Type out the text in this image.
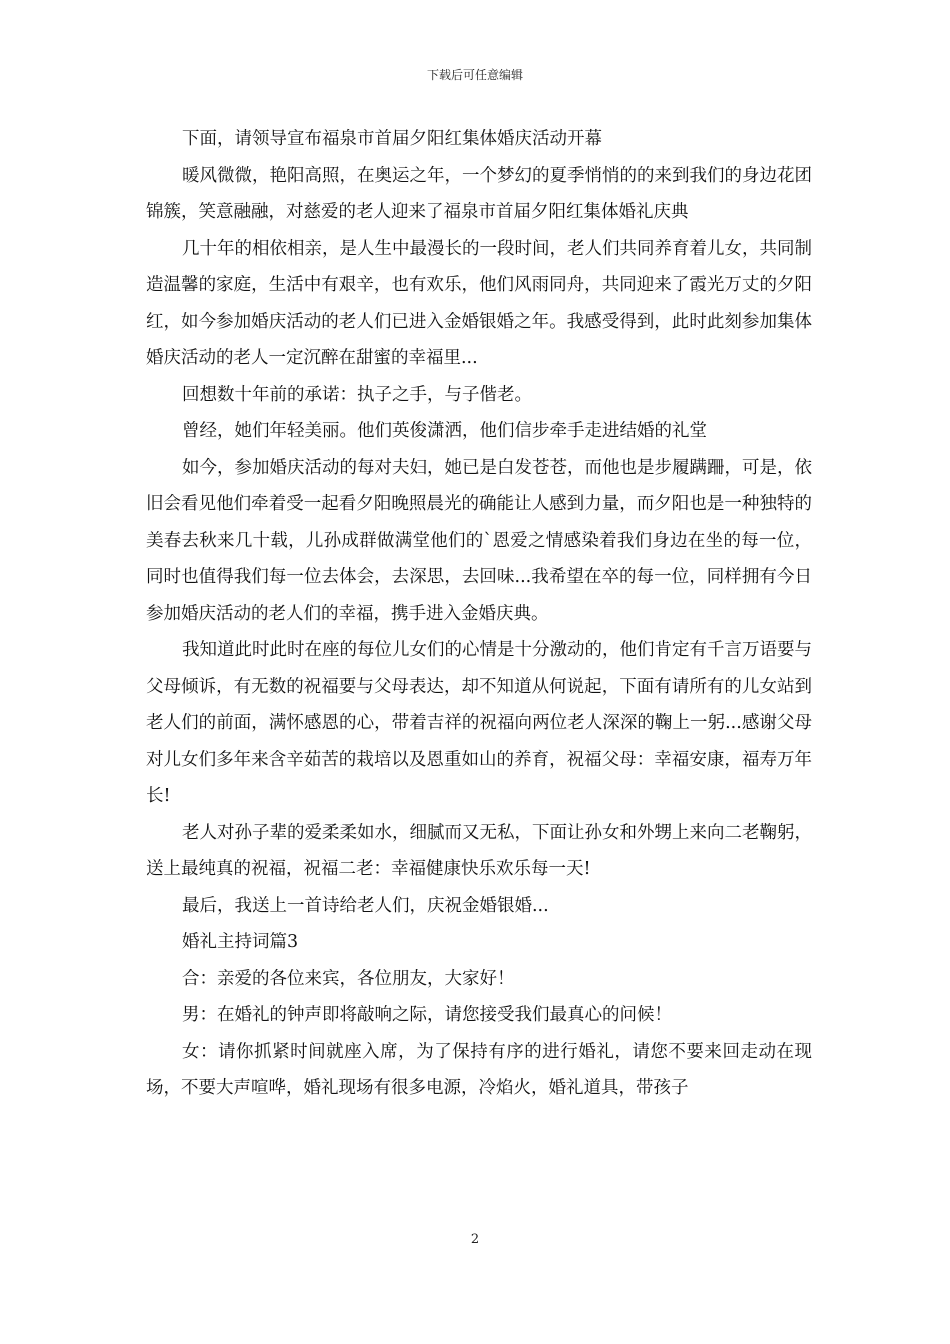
下载后可任意编辑

下面，请领导宣布福泉市首届夕阳红集体婚庆活动开幕

暖风微微，艳阳高照，在奥运之年，一个梦幻的夏季悄悄的的来到我们的身边花团锦簇，笑意融融，对慈爱的老人迎来了福泉市首届夕阳红集体婚礼庆典

几十年的相依相亲，是人生中最漫长的一段时间，老人们共同养育着儿女，共同制造温馨的家庭，生活中有艰辛，也有欢乐，他们风雨同舟，共同迎来了霞光万丈的夕阳红，如今参加婚庆活动的老人们已进入金婚银婚之年。我感受得到，此时此刻参加集体婚庆活动的老人一定沉醉在甜蜜的幸福里...

回想数十年前的承诺：执子之手，与子偕老。

曾经，她们年轻美丽。他们英俊潇洒，他们信步牵手走进结婚的礼堂

如今，参加婚庆活动的每对夫妇，她已是白发苍苍，而他也是步履蹒跚，可是，依旧会看见他们牵着受一起看夕阳晚照晨光的确能让人感到力量，而夕阳也是一种独特的美春去秋来几十载，儿孙成群做满堂他们的`恩爱之情感染着我们身边在坐的每一位，同时也值得我们每一位去体会，去深思，去回味...我希望在卒的每一位，同样拥有今日参加婚庆活动的老人们的幸福，携手进入金婚庆典。

我知道此时此时在座的每位儿女们的心情是十分激动的，他们肯定有千言万语要与父母倾诉，有无数的祝福要与父母表达，却不知道从何说起，下面有请所有的儿女站到老人们的前面，满怀感恩的心，带着吉祥的祝福向两位老人深深的鞠上一躬...感谢父母对儿女们多年来含辛茹苦的栽培以及恩重如山的养育，祝福父母：幸福安康，福寿万年长!

老人对孙子辈的爱柔柔如水，细腻而又无私，下面让孙女和外甥上来向二老鞠躬，送上最纯真的祝福，祝福二老：幸福健康快乐欢乐每一天!

最后，我送上一首诗给老人们，庆祝金婚银婚...

婚礼主持词篇3

合：亲爱的各位来宾，各位朋友，大家好！

男：在婚礼的钟声即将敲响之际，请您接受我们最真心的问候！

女：请你抓紧时间就座入席，为了保持有序的进行婚礼，请您不要来回走动在现场，不要大声喧哗，婚礼现场有很多电源，冷焰火，婚礼道具，带孩子

2
